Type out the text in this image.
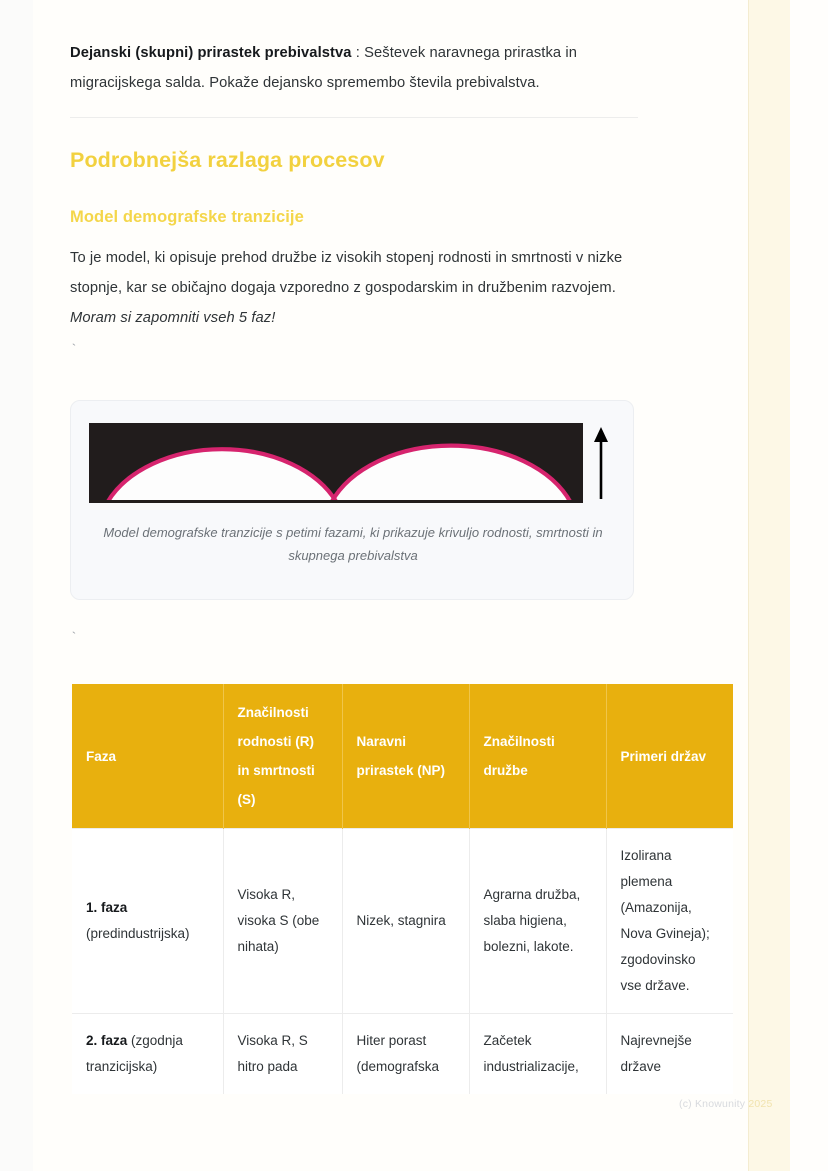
Dejanski (skupni) prirastek prebivalstva : Seštevek naravnega prirastka in migracijskega salda. Pokaže dejansko spremembo števila prebivalstva.

Podrobnejša razlaga procesov
Model demografske tranzicije

To je model, ki opisuje prehod družbe iz visokih stopenj rodnosti in smrtnosti v nizke stopnje, kar se običajno dogaja vzporedno z gospodarskim in družbenim razvojem. Moram si zapomniti vseh 5 faz!

`
Model demografske tranzicije s petimi fazami, ki prikazuje krivuljo rodnosti, smrtnosti in skupnega prebivalstva
`
Faza	Značilnosti rodnosti (R) in smrtnosti (S)	Naravni prirastek (NP)	Značilnosti družbe	Primeri držav
1. faza (predindustrijska)	Visoka R, visoka S (obe nihata)	Nizek, stagnira	Agrarna družba, slaba higiena, bolezni, lakote.	Izolirana plemena (Amazonija, Nova Gvineja); zgodovinsko vse države.
2. faza (zgodnja tranzicijska)	Visoka R, S hitro pada	Hiter porast (demografska	Začetek industrializacije,	Najrevnejše države
(c) Knowunity 2025
